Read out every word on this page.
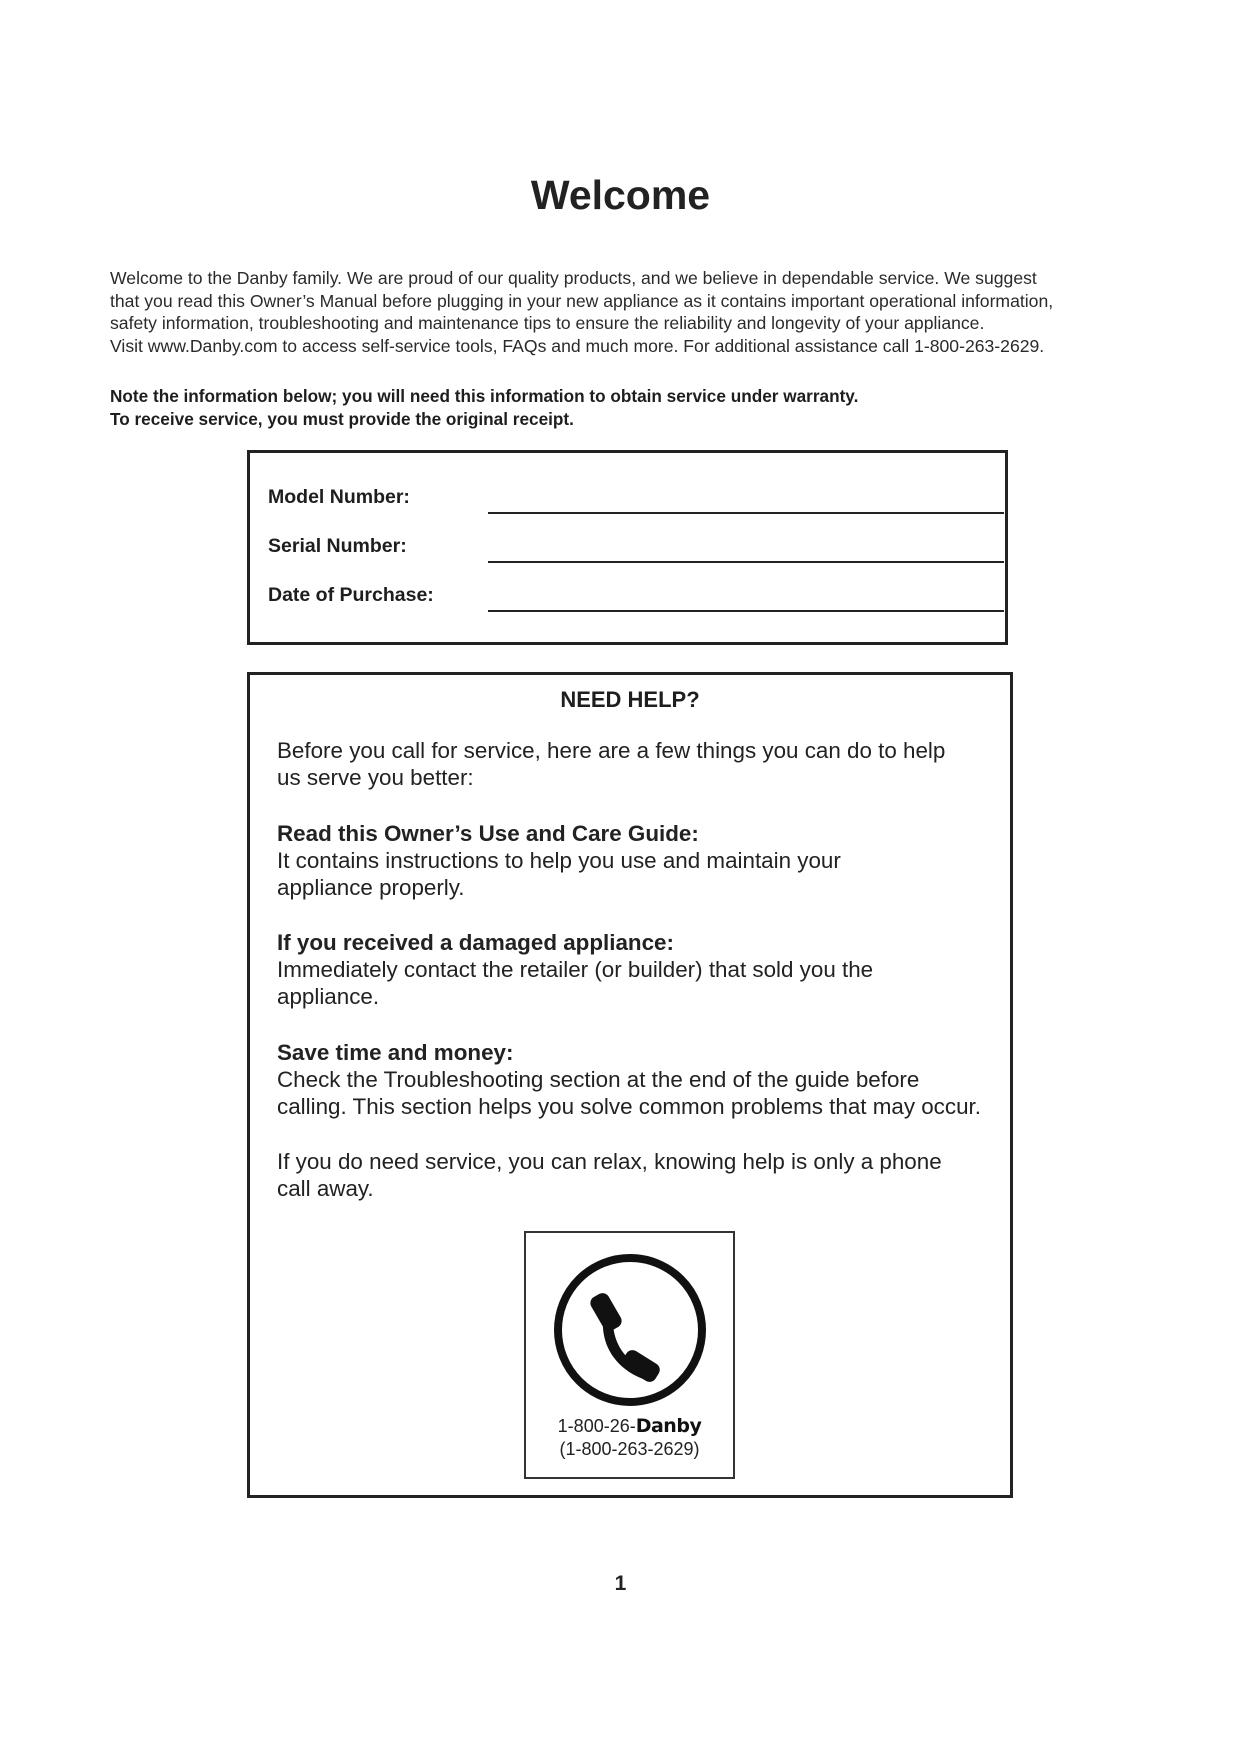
Welcome

Welcome to the Danby family. We are proud of our quality products, and we believe in dependable service. We suggest

that you read this Owner’s Manual before plugging in your new appliance as it contains important operational information,

safety information, troubleshooting and maintenance tips to ensure the reliability and longevity of your appliance.

Visit www.Danby.com to access self-service tools, FAQs and much more. For additional assistance call 1-800-263-2629.

Note the information below; you will need this information to obtain service under warranty.

To receive service, you must provide the original receipt.

Model Number:
Serial Number:
Date of Purchase:
NEED HELP?
Before you call for service, here are a few things you can do to help us serve you better:
Read this Owner’s Use and Care Guide:

It contains instructions to help you use and maintain your appliance properly.

If you received a damaged appliance:

Immediately contact the retailer (or builder) that sold you the appliance.

Save time and money:

Check the Troubleshooting section at the end of the guide before calling. This section helps you solve common problems that may occur.

If you do need service, you can relax, knowing help is only a phone call away.
1-800-26-Danby
(1-800-263-2629)
1
